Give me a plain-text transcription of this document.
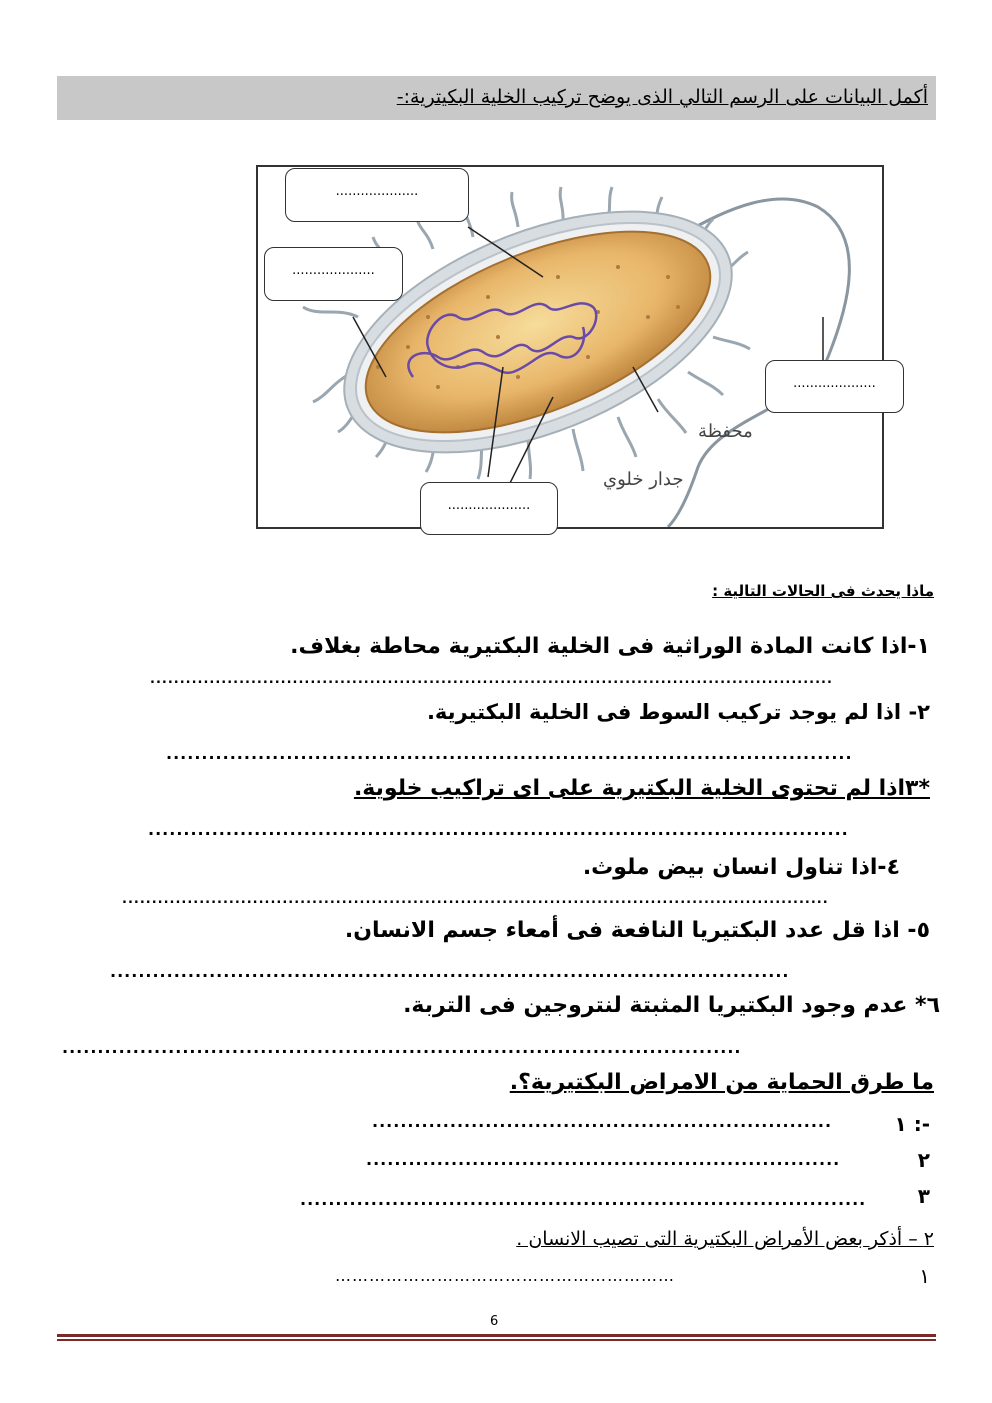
أكمل البيانات على الرسم التالي الذى يوضح تركيب الخلية البكيترية:-
محفظة
جدار خلوي
....................
....................
....................
....................
ماذا يحدث فى الحالات التالية :
١-اذا كانت المادة الوراثية فى الخلية البكتيرية محاطة بغلاف.
...................................................................................................................
٢- اذا لم يوجد تركيب السوط فى الخلية البكتيرية.
.................................................................................................
*٣اذا لم تحتوى الخلية البكتيرية على اى تراكيب خلوية.
...................................................................................................
٤-اذا تناول انسان بيض ملوث.
.......................................................................................................................
٥- اذا قل عدد البكتيريا النافعة فى أمعاء جسم الانسان.
................................................................................................
٦* عدم وجود البكتيريا المثبتة لنتروجين فى التربة.
................................................................................................
ما طرق الحماية من الامراض البكتيرية؟.
١ :-
.................................................................
٢
...................................................................
٣
................................................................................
٢ – أذكر بعض الأمراض البكتيرية التى تصيب الانسان .
١
……………………………………………………
6
